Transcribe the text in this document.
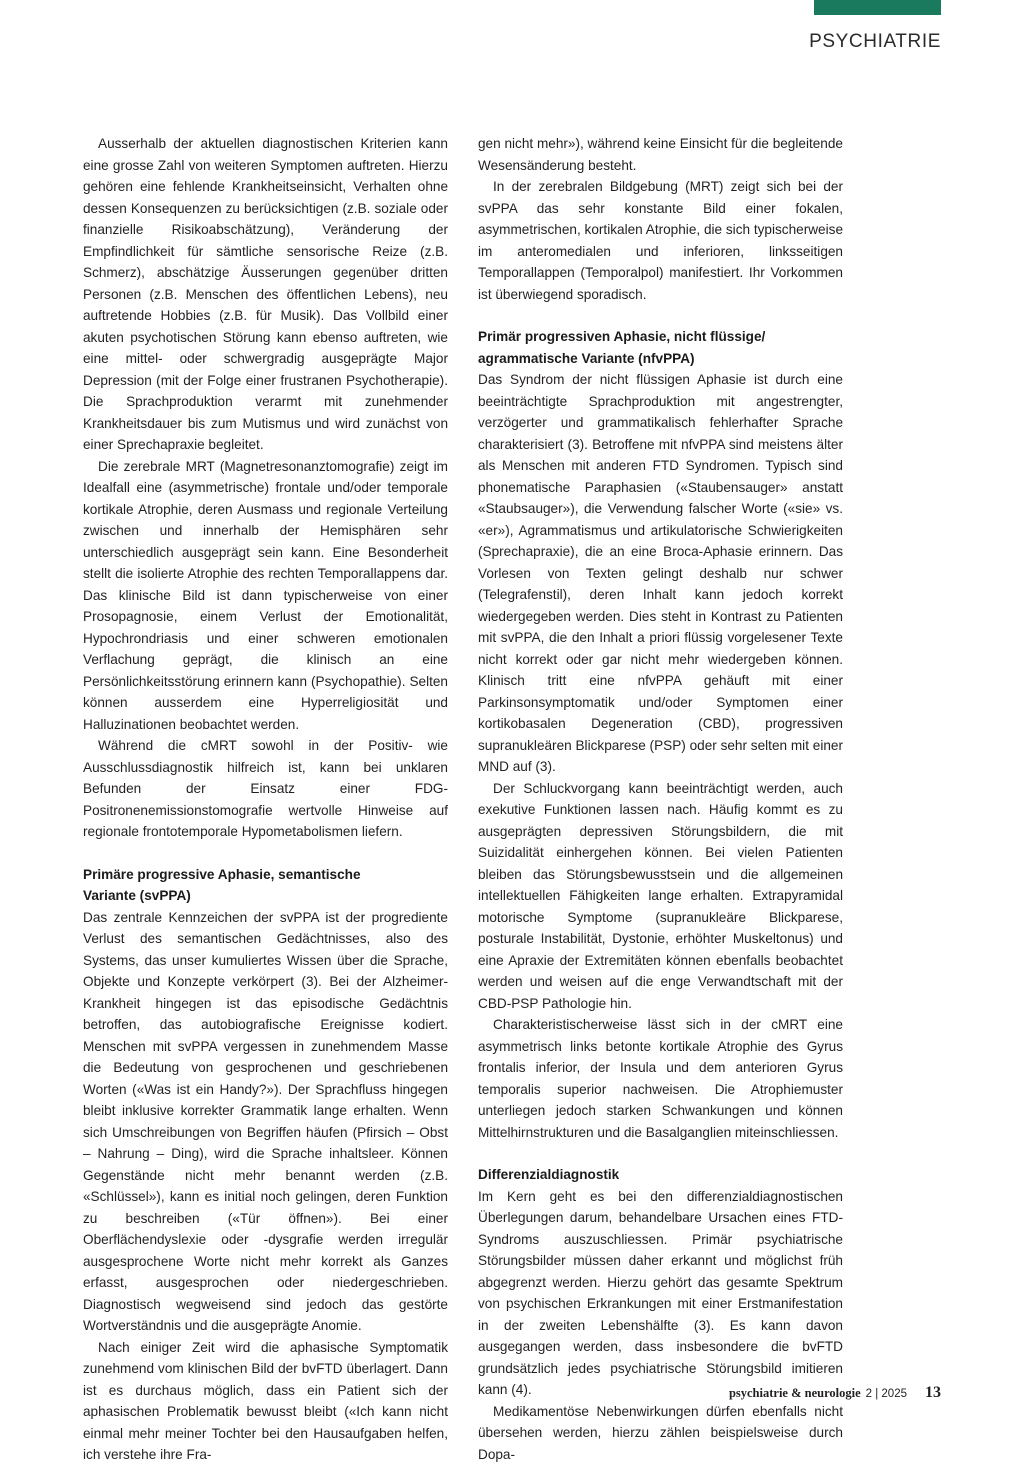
PSYCHIATRIE

Ausserhalb der aktuellen diagnostischen Kriterien kann eine grosse Zahl von weiteren Symptomen auftreten. Hierzu gehören eine fehlende Krankheitseinsicht, Verhalten ohne dessen Konsequenzen zu berücksichtigen (z.B. soziale oder finanzielle Risikoabschätzung), Veränderung der Empfindlichkeit für sämtliche sensorische Reize (z.B. Schmerz), abschätzige Äusserungen gegenüber dritten Personen (z.B. Menschen des öffentlichen Lebens), neu auftretende Hobbies (z.B. für Musik). Das Vollbild einer akuten psychotischen Störung kann ebenso auftreten, wie eine mittel- oder schwergradig ausgeprägte Major Depression (mit der Folge einer frustranen Psychotherapie). Die Sprachproduktion verarmt mit zunehmender Krankheitsdauer bis zum Mutismus und wird zunächst von einer Sprechapraxie begleitet.

Die zerebrale MRT (Magnetresonanztomografie) zeigt im Idealfall eine (asymmetrische) frontale und/oder temporale kortikale Atrophie, deren Ausmass und regionale Verteilung zwischen und innerhalb der Hemisphären sehr unterschiedlich ausgeprägt sein kann. Eine Besonderheit stellt die isolierte Atrophie des rechten Temporallappens dar. Das klinische Bild ist dann typischerweise von einer Prosopagnosie, einem Verlust der Emotionalität, Hypochrondriasis und einer schweren emotionalen Verflachung geprägt, die klinisch an eine Persönlichkeitsstörung erinnern kann (Psychopathie). Selten können ausserdem eine Hyperreligiosität und Halluzinationen beobachtet werden.

Während die cMRT sowohl in der Positiv- wie Ausschlussdiagnostik hilfreich ist, kann bei unklaren Befunden der Einsatz einer FDG-Positronenemissionstomografie wertvolle Hinweise auf regionale frontotemporale Hypometabolismen liefern.

Primäre progressive Aphasie, semantische
Variante (svPPA)

Das zentrale Kennzeichen der svPPA ist der progrediente Verlust des semantischen Gedächtnisses, also des Systems, das unser kumuliertes Wissen über die Sprache, Objekte und Konzepte verkörpert (3). Bei der Alzheimer-Krankheit hingegen ist das episodische Gedächtnis betroffen, das autobiografische Ereignisse kodiert. Menschen mit svPPA vergessen in zunehmendem Masse die Bedeutung von gesprochenen und geschriebenen Worten («Was ist ein Handy?»). Der Sprachfluss hingegen bleibt inklusive korrekter Grammatik lange erhalten. Wenn sich Umschreibungen von Begriffen häufen (Pfirsich – Obst – Nahrung – Ding), wird die Sprache inhaltsleer. Können Gegenstände nicht mehr benannt werden (z.B. «Schlüssel»), kann es initial noch gelingen, deren Funktion zu beschreiben («Tür öffnen»). Bei einer Oberflächendyslexie oder -dysgrafie werden irregulär ausgesprochene Worte nicht mehr korrekt als Ganzes erfasst, ausgesprochen oder niedergeschrieben. Diagnostisch wegweisend sind jedoch das gestörte Wortverständnis und die ausgeprägte Anomie.

Nach einiger Zeit wird die aphasische Symptomatik zunehmend vom klinischen Bild der bvFTD überlagert. Dann ist es durchaus möglich, dass ein Patient sich der aphasischen Problematik bewusst bleibt («Ich kann nicht einmal mehr meiner Tochter bei den Hausaufgaben helfen, ich verstehe ihre Fra-

gen nicht mehr»), während keine Einsicht für die begleitende Wesensänderung besteht.

In der zerebralen Bildgebung (MRT) zeigt sich bei der svPPA das sehr konstante Bild einer fokalen, asymmetrischen, kortikalen Atrophie, die sich typischerweise im anteromedialen und inferioren, linksseitigen Temporallappen (Temporalpol) manifestiert. Ihr Vorkommen ist überwiegend sporadisch.

Primär progressiven Aphasie, nicht flüssige/
agrammatische Variante (nfvPPA)

Das Syndrom der nicht flüssigen Aphasie ist durch eine beeinträchtigte Sprachproduktion mit angestrengter, verzögerter und grammatikalisch fehlerhafter Sprache charakterisiert (3). Betroffene mit nfvPPA sind meistens älter als Menschen mit anderen FTD Syndromen. Typisch sind phonematische Paraphasien («Staubensauger» anstatt «Staubsauger»), die Verwendung falscher Worte («sie» vs. «er»), Agrammatismus und artikulatorische Schwierigkeiten (Sprechapraxie), die an eine Broca-Aphasie erinnern. Das Vorlesen von Texten gelingt deshalb nur schwer (Telegrafenstil), deren Inhalt kann jedoch korrekt wiedergegeben werden. Dies steht in Kontrast zu Patienten mit svPPA, die den Inhalt a priori flüssig vorgelesener Texte nicht korrekt oder gar nicht mehr wiedergeben können. Klinisch tritt eine nfvPPA gehäuft mit einer Parkinsonsymptomatik und/oder Symptomen einer kortikobasalen Degeneration (CBD), progressiven supranukleären Blickparese (PSP) oder sehr selten mit einer MND auf (3).

Der Schluckvorgang kann beeinträchtigt werden, auch exekutive Funktionen lassen nach. Häufig kommt es zu ausgeprägten depressiven Störungsbildern, die mit Suizidalität einhergehen können. Bei vielen Patienten bleiben das Störungsbewusstsein und die allgemeinen intellektuellen Fähigkeiten lange erhalten. Extrapyramidal motorische Symptome (supranukleäre Blickparese, posturale Instabilität, Dystonie, erhöhter Muskeltonus) und eine Apraxie der Extremitäten können ebenfalls beobachtet werden und weisen auf die enge Verwandtschaft mit der CBD-PSP Pathologie hin.

Charakteristischerweise lässt sich in der cMRT eine asymmetrisch links betonte kortikale Atrophie des Gyrus frontalis inferior, der Insula und dem anterioren Gyrus temporalis superior nachweisen. Die Atrophiemuster unterliegen jedoch starken Schwankungen und können Mittelhirnstrukturen und die Basalganglien miteinschliessen.

Differenzialdiagnostik

Im Kern geht es bei den differenzialdiagnostischen Überlegungen darum, behandelbare Ursachen eines FTD-Syndroms auszuschliessen. Primär psychiatrische Störungsbilder müssen daher erkannt und möglichst früh abgegrenzt werden. Hierzu gehört das gesamte Spektrum von psychischen Erkrankungen mit einer Erstmanifestation in der zweiten Lebenshälfte (3). Es kann davon ausgegangen werden, dass insbesondere die bvFTD grundsätzlich jedes psychiatrische Störungsbild imitieren kann (4).

Medikamentöse Nebenwirkungen dürfen ebenfalls nicht übersehen werden, hierzu zählen beispielsweise durch Dopa-

psychiatrie & neurologie 2 | 2025 13
